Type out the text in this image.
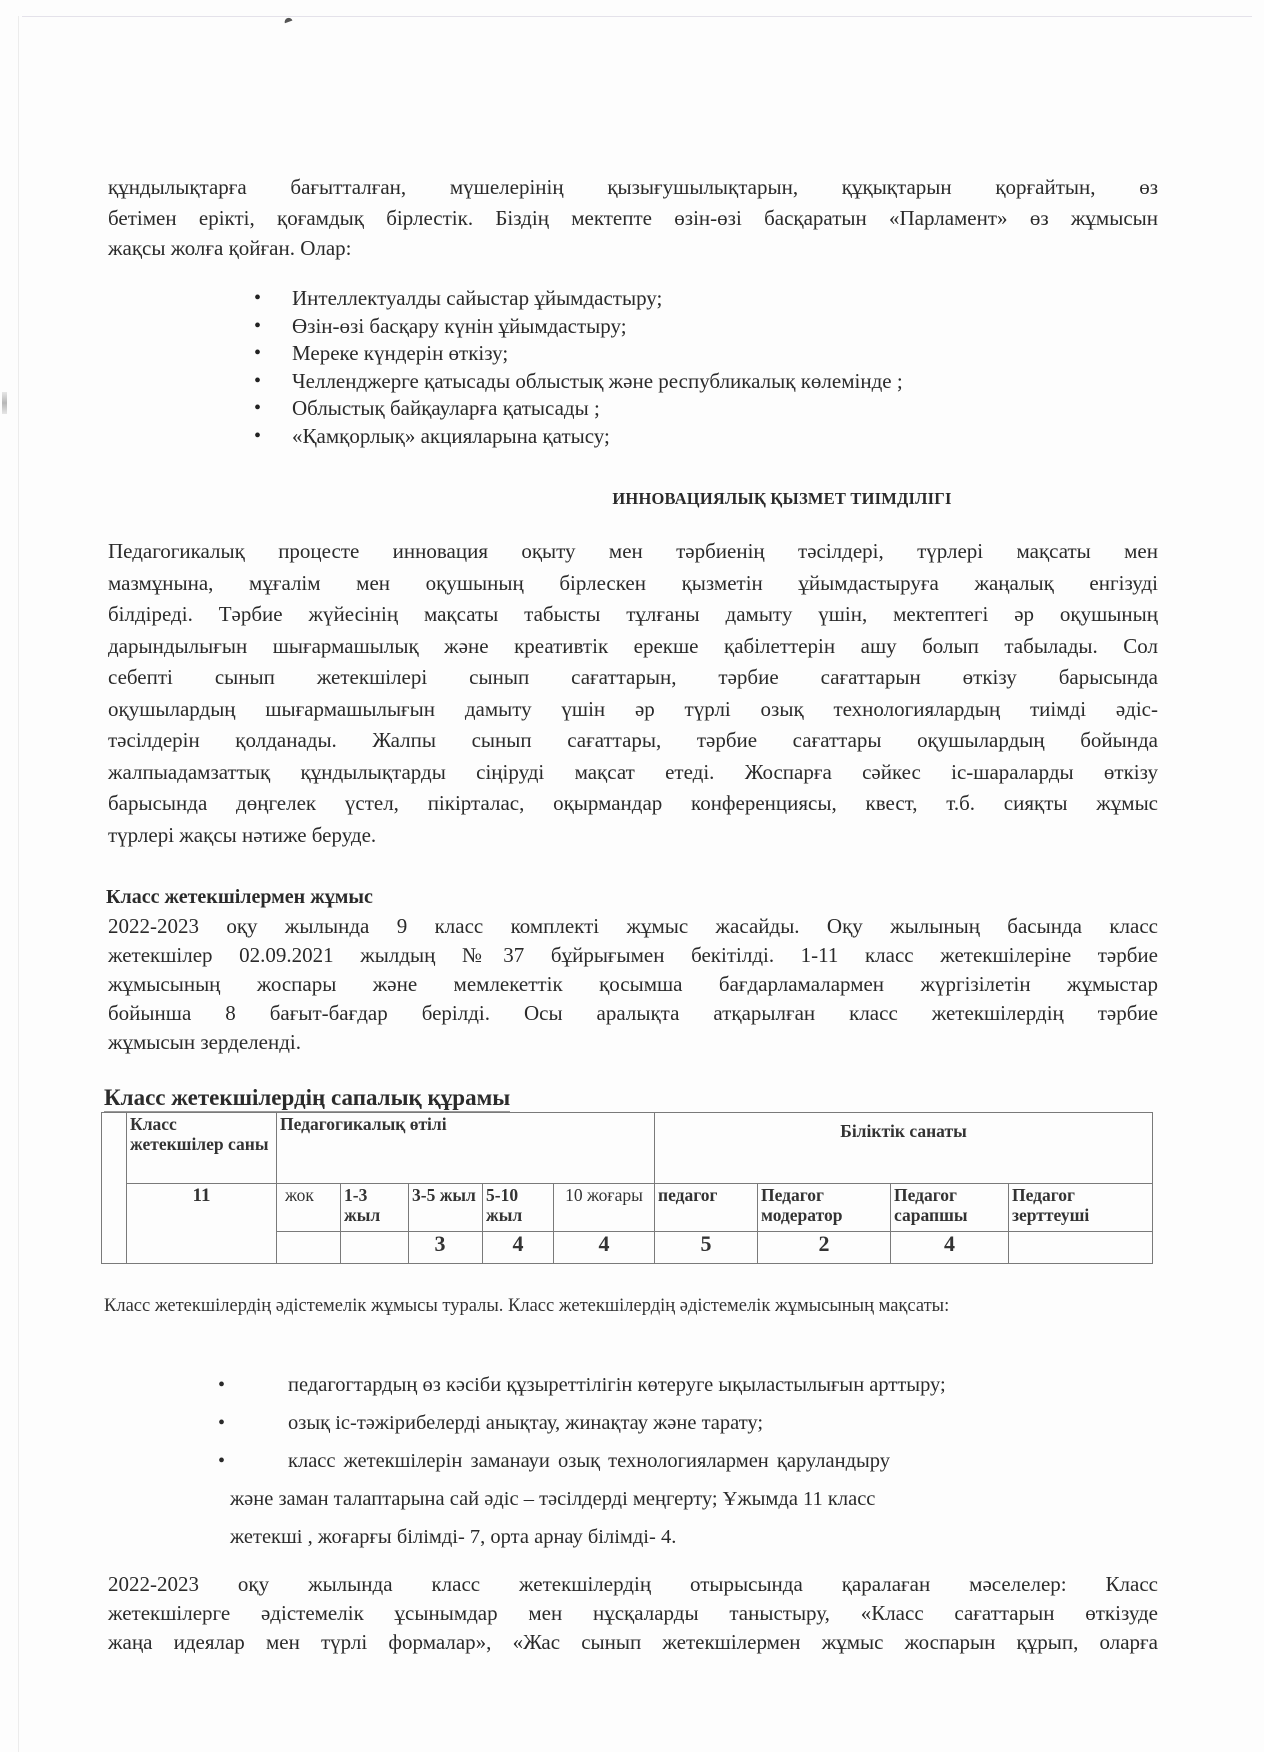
құндылықтарға бағытталған, мүшелерінің қызығушылықтарын, құқықтарын қорғайтын, өз

бетімен ерікті, қоғамдық бірлестік. Біздің мектепте өзін-өзі басқаратын «Парламент» өз жұмысын

жақсы жолға қойған. Олар:

• Интеллектуалды сайыстар ұйымдастыру;
• Өзін-өзі басқару күнін ұйымдастыру;
• Мереке күндерін өткізу;
• Челленджерге қатысады облыстық және республикалық көлемінде ;
• Облыстық байқауларға қатысады ;
• «Қамқорлық» акцияларына қатысу;
ИННОВАЦИЯЛЫҚ ҚЫЗМЕТ ТИІМДІЛІГІ

Педагогикалық процесте инновация оқыту мен тәрбиенің тәсілдері, түрлері мақсаты мен

мазмұнына, мұғалім мен оқушының бірлескен қызметін ұйымдастыруға жаңалық енгізуді

білдіреді. Тәрбие жүйесінің мақсаты табысты тұлғаны дамыту үшін, мектептегі әр оқушының

дарындылығын шығармашылық және креативтік ерекше қабілеттерін ашу болып табылады. Сол

себепті сынып жетекшілері сынып сағаттарын, тәрбие сағаттарын өткізу барысында

оқушылардың шығармашылығын дамыту үшін әр түрлі озық технологиялардың тиімді әдіс-

тәсілдерін қолданады. Жалпы сынып сағаттары, тәрбие сағаттары оқушылардың бойында

жалпыадамзаттық құндылықтарды сіңіруді мақсат етеді. Жоспарға сәйкес іс-шараларды өткізу

барысында дөңгелек үстел, пікірталас, оқырмандар конференциясы, квест, т.б. сияқты жұмыс

түрлері жақсы нәтиже беруде.

Класс жетекшілермен жұмыс

2022-2023 оқу жылында 9 класс комплекті жұмыс жасайды. Оқу жылының басында класс

жетекшілер 02.09.2021 жылдың №37 бұйрығымен бекітілді. 1-11 класс жетекшілеріне тәрбие

жұмысының жоспары және мемлекеттік қосымша бағдарламалармен жүргізілетін жұмыстар

бойынша 8 бағыт-бағдар берілді. Осы аралықта атқарылған класс жетекшілердің тәрбие

жұмысын зерделенді.

Класс жетекшілердің сапалық құрамы
	Класс жетекшілер саны	Педагогикалық өтілі					Біліктік санаты			
	11	жок	1-3 жыл	3-5 жыл	5-10 жыл	10 жоғары	педагог	Педагог модератор	Педагог сарапшы	Педагог зерттеуші
				3	4	4	5	2	4	
Класс жетекшілердің әдістемелік жұмысы туралы. Класс жетекшілердің әдістемелік жұмысының мақсаты:
• педагогтардың өз кәсіби құзыреттілігін көтеруге ықыластылығын арттыру;
• озық іс-тәжірибелерді анықтау, жинақтау және тарату;
• класс жетекшілерін заманауи озық технологиялармен қаруландыру
және заман талаптарына сай әдіс – тәсілдерді меңгерту; Ұжымда 11 класс
жетекші , жоғарғы білімді- 7, орта арнау білімді- 4.

2022-2023 оқу жылында класс жетекшілердің отырысында қаралаған мәселелер: Класс

жетекшілерге әдістемелік ұсынымдар мен нұсқаларды таныстыру, «Класс сағаттарын өткізуде

жаңа идеялар мен түрлі формалар», «Жас сынып жетекшілермен жұмыс жоспарын құрып, оларға
